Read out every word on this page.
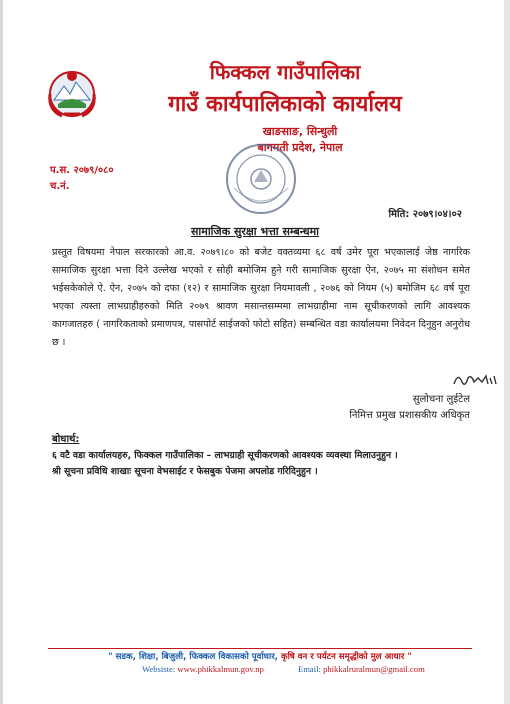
फिक्कल गाउँपालिका
गाउँ कार्यपालिकाको कार्यालय
खाङसाङ, सिन्धुली
बागमती प्रदेश, नेपाल
प.स. २०७९/०८०
च.नं.
मिति: २०७९।०४।०२
सामाजिक सुरक्षा भत्ता सम्बन्धमा
प्रस्तुत विषयमा नेपाल सरकारको आ.व. २०७९।८० को बजेट वक्तव्यमा ६८ वर्ष उमेर पूरा भएकालाई जेष्ठ नागरिक सामाजिक सुरक्षा भत्ता दिने उल्लेख भएको र सोही बमोजिम हुने गरी सामाजिक सुरक्षा ऐन, २०७५ मा संशोधन समेत भईसकेकोले ऐ. ऐन, २०७५ को दफा (१२) र सामाजिक सुरक्षा नियमावली , २०७६ को नियम (५) बमोजिम ६८ वर्ष पूरा भएका त्यस्ता लाभग्राहीहरुको मिति २०७९ श्रावण मसान्तसम्ममा लाभग्राहीमा नाम सूचीकरणको लागि आवश्यक कागजातहरु ( नागरिकताको प्रमाणपत्र, पासपोर्ट साईजको फोटो सहित) सम्बन्धित वडा कार्यालयमा निवेदन दिनुहुन अनुरोध छ ।
सुलोचना लुईटेल
निमित्त प्रमुख प्रशासकीय अधिकृत
बोधार्थ:
६ वटै वडा कार्यालयहरु, फिक्कल गाउँपालिका – लाभग्राही सूचीकरणको आवश्यक व्यवस्था मिलाउनुहुन ।
श्री सूचना प्रविधि शाखाः सूचना वेभसाईट र फेसबुक पेजमा अपलोड गरिदिनुहुन ।
" सडक, शिक्षा, बिजुली, फिक्कल विकासको पूर्वाधार, कृषि वन र पर्यटन समृद्धीको मुल आधार "
Websiste: www.phikkalmun.gov.np	Email: phikkalruralmun@gmail.com
